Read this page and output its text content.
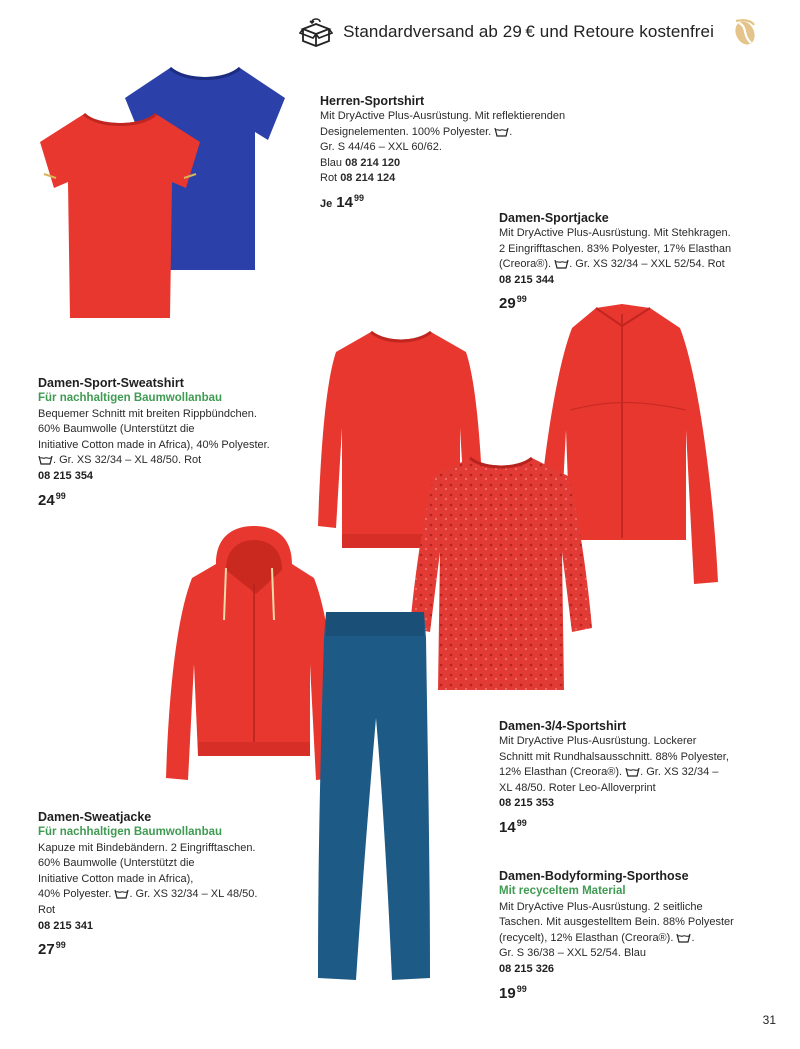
Standardversand ab 29 € und Retoure kostenfrei
Herren-Sportshirt
Mit DryActive Plus-Ausrüstung. Mit reflektierenden
Designelementen. 100% Polyester. .
Gr. S 44/46 – XXL 60/62.
Blau 08 214 120
Rot 08 214 124
Je $14^{99}$
Damen-Sportjacke
Mit DryActive Plus-Ausrüstung. Mit Stehkragen.
2 Eingrifftaschen. 83% Polyester, 17% Elasthan
(Creora®). . Gr. XS 32/34 – XXL 52/54. Rot
08 215 344
$29^{99}$
Damen-Sport-Sweatshirt
Für nachhaltigen Baumwollanbau
Bequemer Schnitt mit breiten Rippbündchen.
60% Baumwolle (Unterstützt die
Initiative Cotton made in Africa), 40% Polyester.
. Gr. XS 32/34 – XL 48/50. Rot
08 215 354
$24^{99}$
Damen-3/4-Sportshirt
Mit DryActive Plus-Ausrüstung. Lockerer
Schnitt mit Rundhalsausschnitt. 88% Polyester,
12% Elasthan (Creora®). . Gr. XS 32/34 –
XL 48/50. Roter Leo-Alloverprint
08 215 353
$14^{99}$
Damen-Sweatjacke
Für nachhaltigen Baumwollanbau
Kapuze mit Bindebändern. 2 Eingrifftaschen.
60% Baumwolle (Unterstützt die
Initiative Cotton made in Africa),
40% Polyester. . Gr. XS 32/34 – XL 48/50.
Rot
08 215 341
$27^{99}$
Damen-Bodyforming-Sporthose
Mit recyceltem Material
Mit DryActive Plus-Ausrüstung. 2 seitliche
Taschen. Mit ausgestelltem Bein. 88% Polyester
(recycelt), 12% Elasthan (Creora®). .
Gr. S 36/38 – XXL 52/54. Blau
08 215 326
$19^{99}$
31
